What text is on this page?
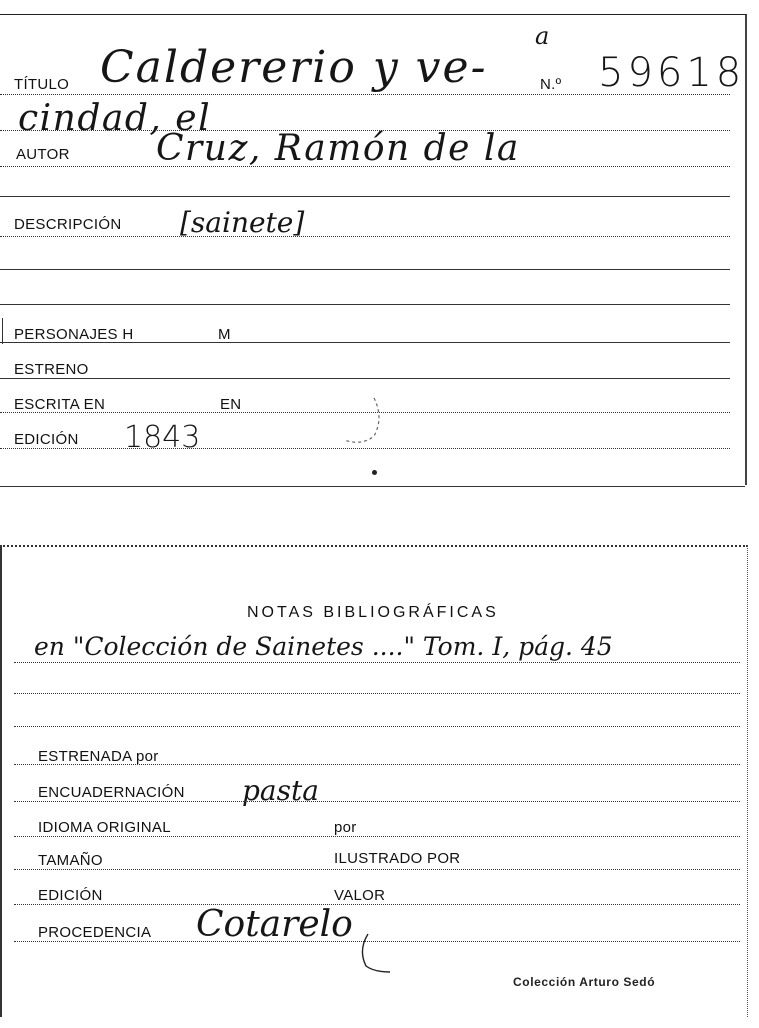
TÍTULO Caldererio y ve-
a
N.º 59618
cindad, el
AUTOR Cruz, Ramón de la
DESCRIPCIÓN [sainete]
PERSONAJES H	M
ESTRENO
ESCRITA EN	EN
EDICIÓN 1843
NOTAS BIBLIOGRÁFICAS
en "Colección de Sainetes ...." Tom. I, pág. 45
ESTRENADA por
ENCUADERNACIÓN pasta
IDIOMA ORIGINAL	por
TAMAÑO	ILUSTRADO POR
EDICIÓN	VALOR
PROCEDENCIA Cotarelo
Colección Arturo Sedó
